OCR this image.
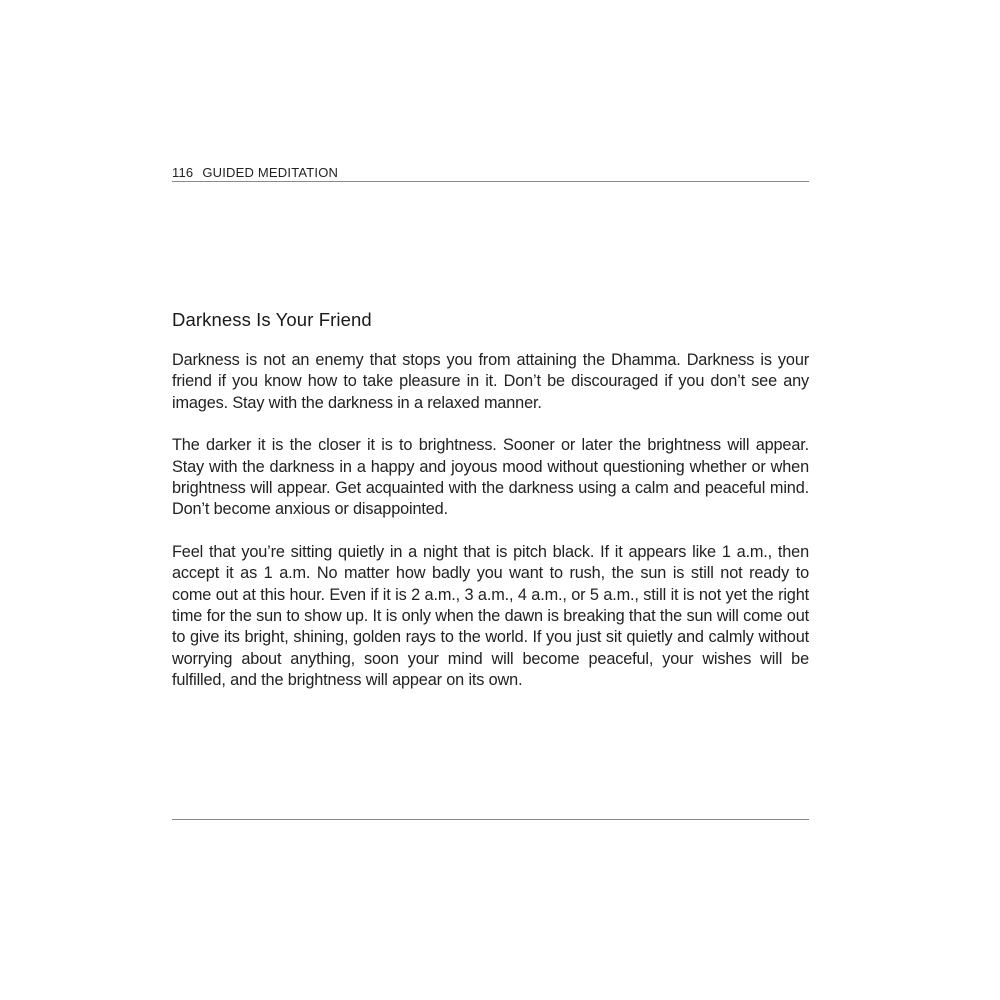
116 GUIDED MEDITATION
Darkness Is Your Friend

Darkness is not an enemy that stops you from attaining the Dhamma. Darkness is your friend if you know how to take pleasure in it. Don’t be discouraged if you don’t see any images. Stay with the darkness in a relaxed manner.

The darker it is the closer it is to brightness. Sooner or later the brightness will appear. Stay with the darkness in a happy and joyous mood without questioning whether or when brightness will appear. Get acquainted with the darkness using a calm and peaceful mind. Don’t become anxious or disappointed.

Feel that you’re sitting quietly in a night that is pitch black. If it appears like 1 a.m., then accept it as 1 a.m. No matter how badly you want to rush, the sun is still not ready to come out at this hour. Even if it is 2 a.m., 3 a.m., 4 a.m., or 5 a.m., still it is not yet the right time for the sun to show up. It is only when the dawn is breaking that the sun will come out to give its bright, shining, golden rays to the world. If you just sit quietly and calmly without worrying about anything, soon your mind will become peaceful, your wishes will be fulfilled, and the brightness will appear on its own.
